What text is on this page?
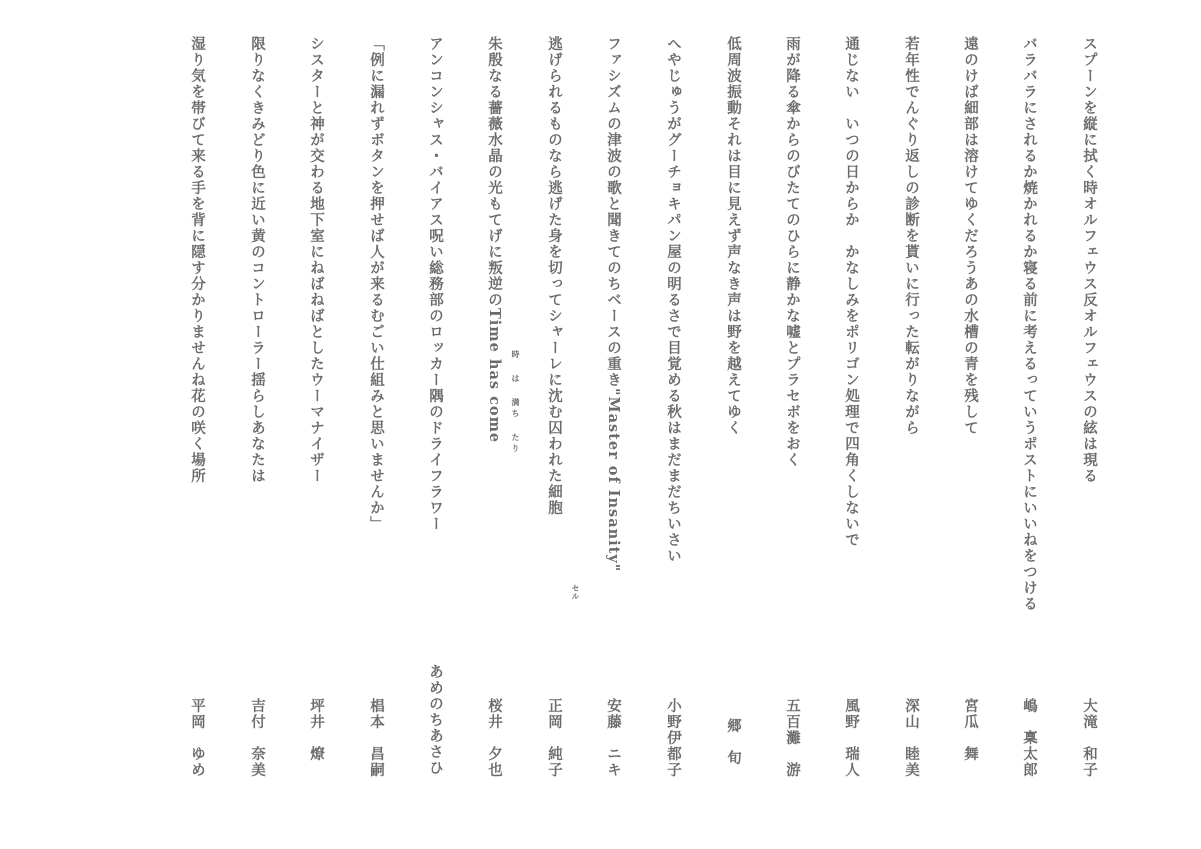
スプーンを縦に拭く時オルフェウス反オルフェウスの絃は現る
大滝　和子
バラバラにされるか焼かれるか寝る前に考えるっていうポストにいいねをつける
嶋　稟太郎
遠のけば細部は溶けてゆくだろうあの水槽の青を残して
宮瓜　舞
若年性でんぐり返しの診断を貰いに行った転がりながら
深山　睦美
通じない　いつの日からか　かなしみをポリゴン処理で四角くしないで
風野　瑞人
雨が降る傘からのびたてのひらに静かな嘘とプラセボをおく
五百灘　游
低周波振動それは目に見えず声なき声は野を越えてゆく
郷　旬
へやじゅうがグーチョキパン屋の明るさで目覚める秋はまだまだちいさい
小野伊都子
ファシズムの津波の歌と聞きてのちベースの重き"Master of Insanity"
安藤　ニキ
逃げられるものなら逃げた身を切ってシャーレに沈む囚われた細胞
セル
正岡　純子
朱殷なる薔薇水晶の光もてげに叛逆のTime has come	時 は 満ち たり
桜井　夕也
アンコンシャス・バイアス呪い総務部のロッカー隅のドライフラワー
あめのちあさひ
「例に漏れずボタンを押せば人が来るむごい仕組みと思いませんか」
椙本　昌嗣
シスターと神が交わる地下室にねばねばとしたウーマナイザー
坪井　燎
限りなくきみどり色に近い黄のコントローラー揺らしあなたは
吉付　奈美
湿り気を帯びて来る手を背に隠す分かりませんね花の咲く場所
平岡　ゆめ
